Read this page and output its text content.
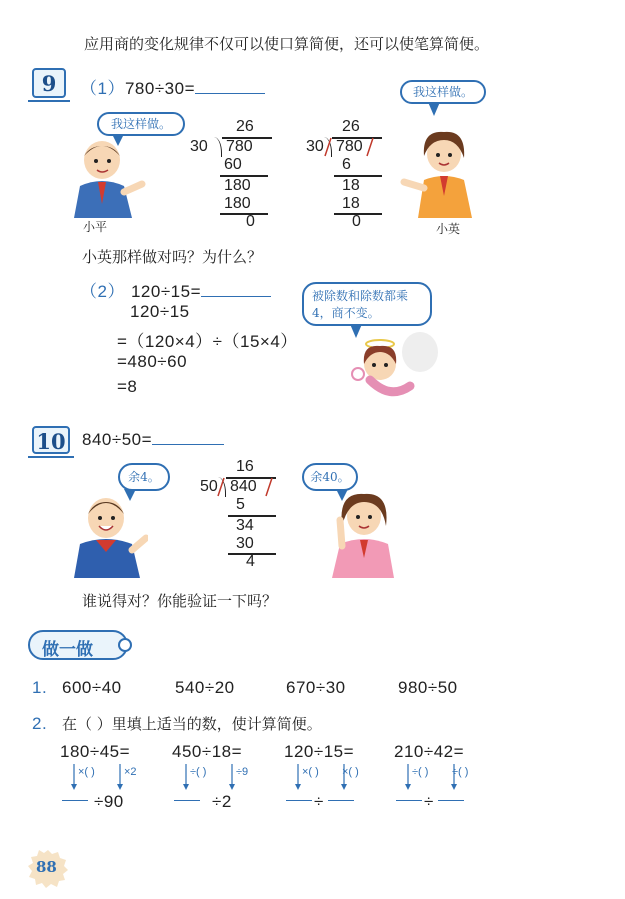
应用商的变化规律不仅可以使口算简便，还可以使笔算简便。
9	（1）780÷30=
小平
我这样做。	26
30 780
60
180
180
0
26
30 780
6
18
18
0
我这样做。
小英
小英那样做对吗？为什么？
（2） 120÷15=
120÷15
=（120×4）÷（15×4）
=480÷60
=8
被除数和除数都乘4，商不变。
10 840÷50=
余4。
16
50 840
5
34
30
4
余40。
谁说得对？你能验证一下吗？
做一做
1. 600÷40	540÷20	670÷30	980÷50
2. 在（ ）里填上适当的数，使计算简便。
180÷45=
×( )	×2
÷90
450÷18=
÷( )	÷9
÷2
120÷15=
×( ) ×( )
÷
210÷42=
÷( ) ÷( )
÷
88
